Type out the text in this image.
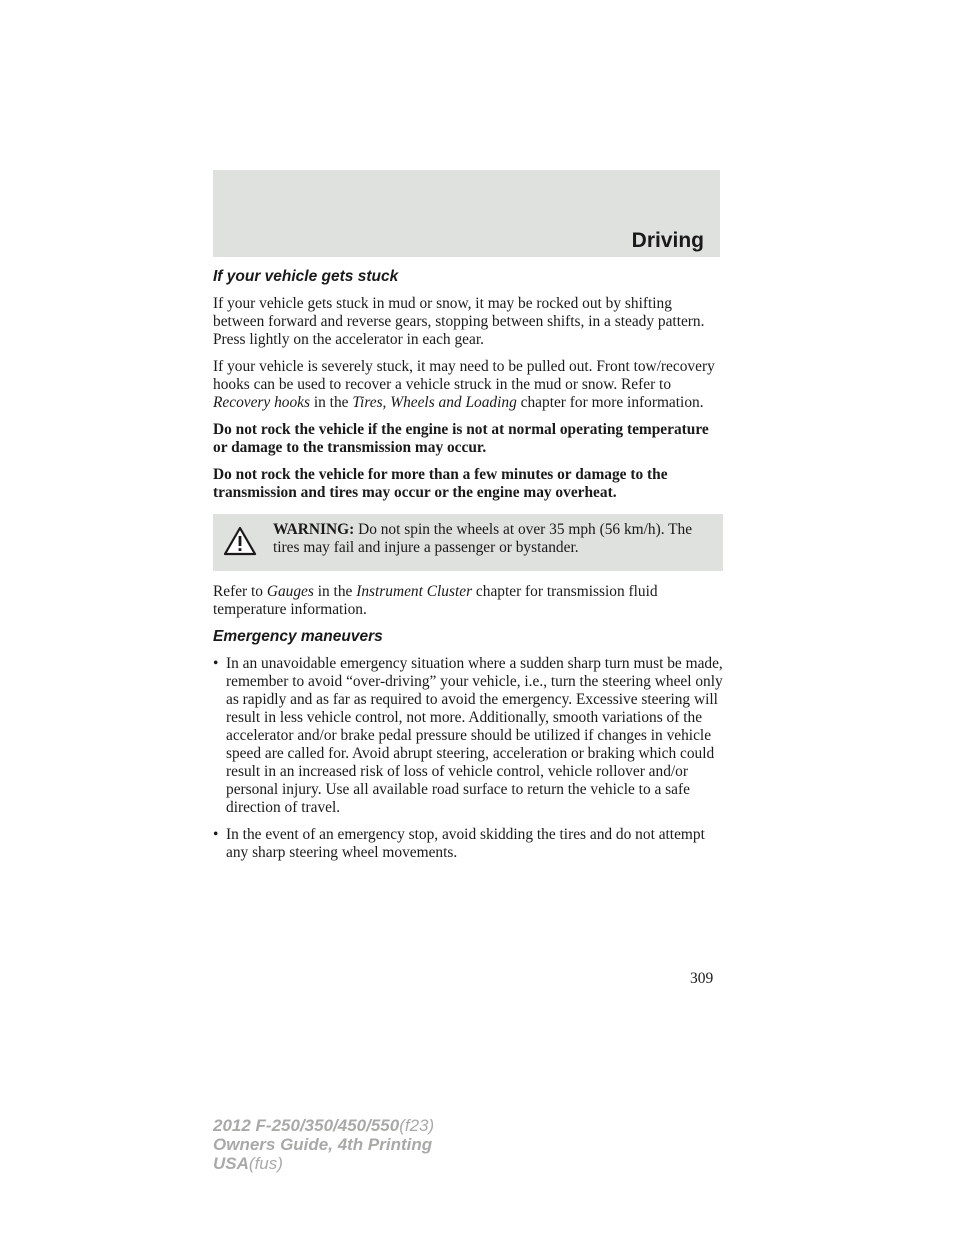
Driving
If your vehicle gets stuck

If your vehicle gets stuck in mud or snow, it may be rocked out by shifting between forward and reverse gears, stopping between shifts, in a steady pattern. Press lightly on the accelerator in each gear.

If your vehicle is severely stuck, it may need to be pulled out. Front tow/recovery hooks can be used to recover a vehicle struck in the mud or snow. Refer to Recovery hooks in the Tires, Wheels and Loading chapter for more information.

Do not rock the vehicle if the engine is not at normal operating temperature or damage to the transmission may occur.

Do not rock the vehicle for more than a few minutes or damage to the transmission and tires may occur or the engine may overheat.

WARNING: Do not spin the wheels at over 35 mph (56 km/h). The tires may fail and injure a passenger or bystander.

Refer to Gauges in the Instrument Cluster chapter for transmission fluid temperature information.

Emergency maneuvers
• In an unavoidable emergency situation where a sudden sharp turn must be made, remember to avoid “over-driving” your vehicle, i.e., turn the steering wheel only as rapidly and as far as required to avoid the emergency. Excessive steering will result in less vehicle control, not more. Additionally, smooth variations of the accelerator and/or brake pedal pressure should be utilized if changes in vehicle speed are called for. Avoid abrupt steering, acceleration or braking which could result in an increased risk of loss of vehicle control, vehicle rollover and/or personal injury. Use all available road surface to return the vehicle to a safe direction of travel.
• In the event of an emergency stop, avoid skidding the tires and do not attempt any sharp steering wheel movements.
309
2012 F-250/350/450/550(f23)
Owners Guide, 4th Printing
USA(fus)
